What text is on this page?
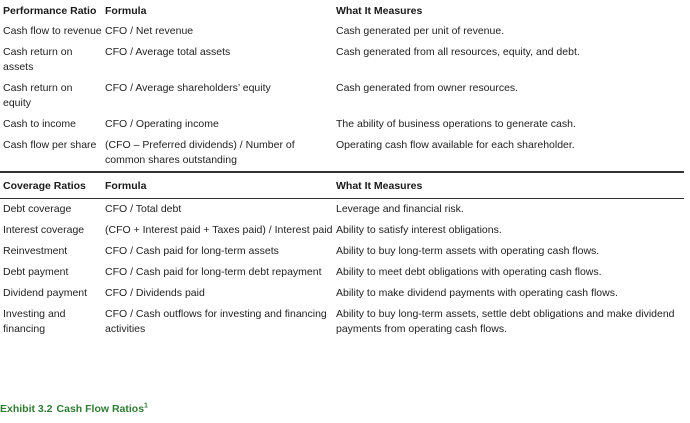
Performance Ratio	Formula	What It Measures
Cash flow to revenue	CFO / Net revenue	Cash generated per unit of revenue.
Cash return on assets	CFO / Average total assets	Cash generated from all resources, equity, and debt.
Cash return on equity	CFO / Average shareholders’ equity	Cash generated from owner resources.
Cash to income	CFO / Operating income	The ability of business operations to generate cash.
Cash flow per share	(CFO – Preferred dividends) / Number of common shares outstanding	Operating cash flow available for each shareholder.
Coverage Ratios	Formula	What It Measures
Debt coverage	CFO / Total debt	Leverage and financial risk.
Interest coverage	(CFO + Interest paid + Taxes paid) / Interest paid	Ability to satisfy interest obligations.
Reinvestment	CFO / Cash paid for long-term assets	Ability to buy long-term assets with operating cash flows.
Debt payment	CFO / Cash paid for long-term debt repayment	Ability to meet debt obligations with operating cash flows.
Dividend payment	CFO / Dividends paid	Ability to make dividend payments with operating cash flows.
Investing and financing	CFO / Cash outflows for investing and financing activities	Ability to buy long-term assets, settle debt obligations and make dividend payments from operating cash flows.
Exhibit 3.2 Cash Flow Ratios$^1$
